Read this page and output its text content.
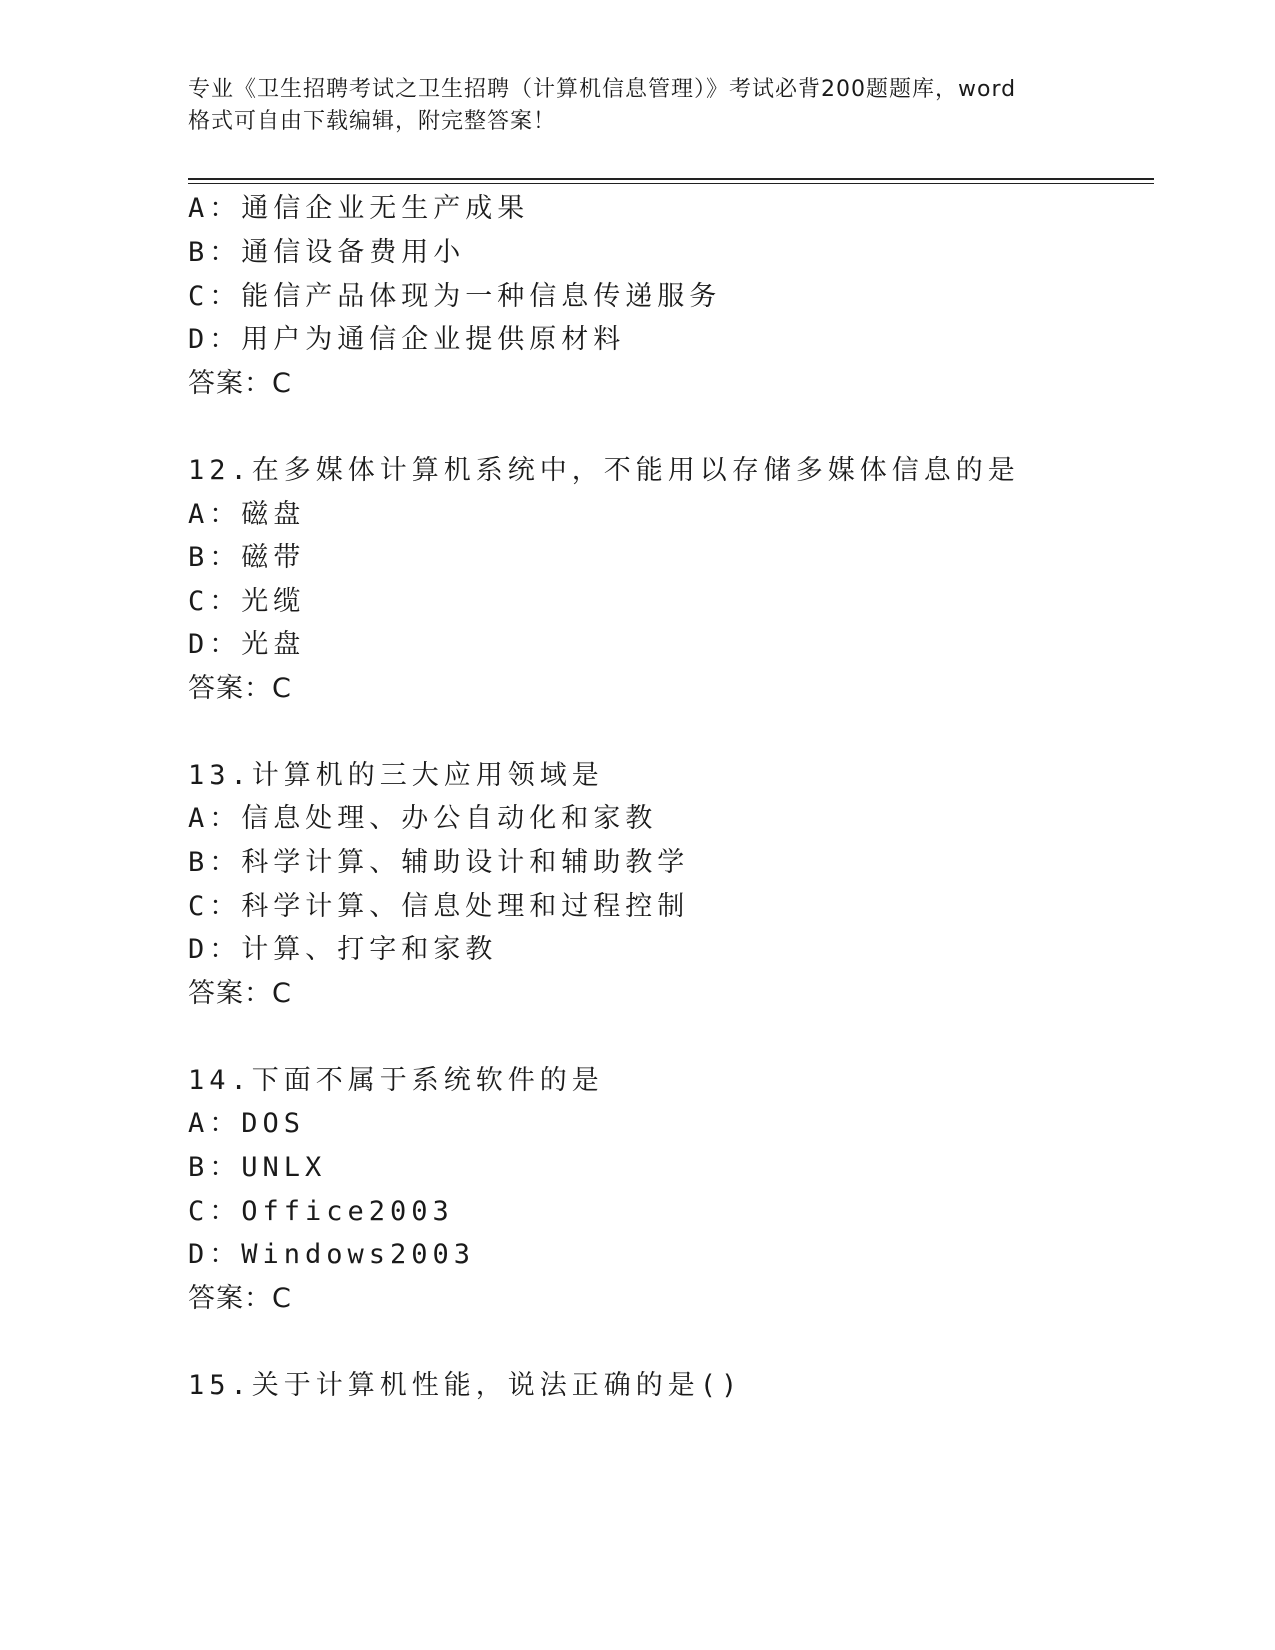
专业《卫生招聘考试之卫生招聘（计算机信息管理）》考试必背200题题库，word
格式可自由下载编辑，附完整答案！
A：通信企业无生产成果
B：通信设备费用小
C：能信产品体现为一种信息传递服务
D：用户为通信企业提供原材料
答案：C
12.在多媒体计算机系统中，不能用以存储多媒体信息的是
A：磁盘
B：磁带
C：光缆
D：光盘
答案：C
13.计算机的三大应用领域是
A：信息处理、办公自动化和家教
B：科学计算、辅助设计和辅助教学
C：科学计算、信息处理和过程控制
D：计算、打字和家教
答案：C
14.下面不属于系统软件的是
A：DOS
B：UNLX
C：Office2003
D：Windows2003
答案：C
15.关于计算机性能，说法正确的是()
